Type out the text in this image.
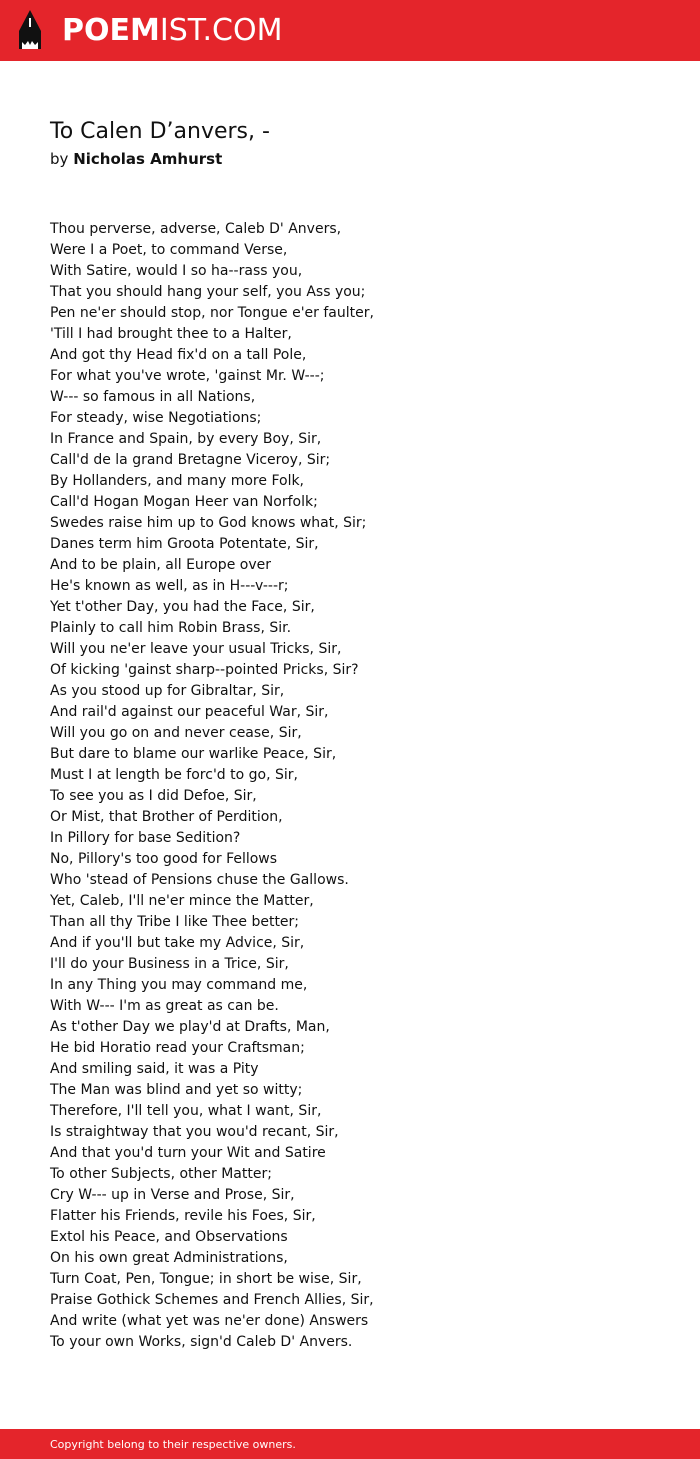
POEMIST.COM
To Calen D’anvers, -
by Nicholas Amhurst
Thou perverse, adverse, Caleb D' Anvers,
Were I a Poet, to command Verse,
With Satire, would I so ha--rass you,
That you should hang your self, you Ass you;
Pen ne'er should stop, nor Tongue e'er faulter,
'Till I had brought thee to a Halter,
And got thy Head fix'd on a tall Pole,
For what you've wrote, 'gainst Mr. W---;
W--- so famous in all Nations,
For steady, wise Negotiations;
In France and Spain, by every Boy, Sir,
Call'd de la grand Bretagne Viceroy, Sir;
By Hollanders, and many more Folk,
Call'd Hogan Mogan Heer van Norfolk;
Swedes raise him up to God knows what, Sir;
Danes term him Groota Potentate, Sir,
And to be plain, all Europe over
He's known as well, as in H---v---r;
Yet t'other Day, you had the Face, Sir,
Plainly to call him Robin Brass, Sir.
Will you ne'er leave your usual Tricks, Sir,
Of kicking 'gainst sharp--pointed Pricks, Sir?
As you stood up for Gibraltar, Sir,
And rail'd against our peaceful War, Sir,
Will you go on and never cease, Sir,
But dare to blame our warlike Peace, Sir,
Must I at length be forc'd to go, Sir,
To see you as I did Defoe, Sir,
Or Mist, that Brother of Perdition,
In Pillory for base Sedition?
No, Pillory's too good for Fellows
Who 'stead of Pensions chuse the Gallows.
Yet, Caleb, I'll ne'er mince the Matter,
Than all thy Tribe I like Thee better;
And if you'll but take my Advice, Sir,
I'll do your Business in a Trice, Sir,
In any Thing you may command me,
With W--- I'm as great as can be.
As t'other Day we play'd at Drafts, Man,
He bid Horatio read your Craftsman;
And smiling said, it was a Pity
The Man was blind and yet so witty;
Therefore, I'll tell you, what I want, Sir,
Is straightway that you wou'd recant, Sir,
And that you'd turn your Wit and Satire
To other Subjects, other Matter;
Cry W--- up in Verse and Prose, Sir,
Flatter his Friends, revile his Foes, Sir,
Extol his Peace, and Observations
On his own great Administrations,
Turn Coat, Pen, Tongue; in short be wise, Sir,
Praise Gothick Schemes and French Allies, Sir,
And write (what yet was ne'er done) Answers
To your own Works, sign'd Caleb D' Anvers.
Copyright belong to their respective owners.
